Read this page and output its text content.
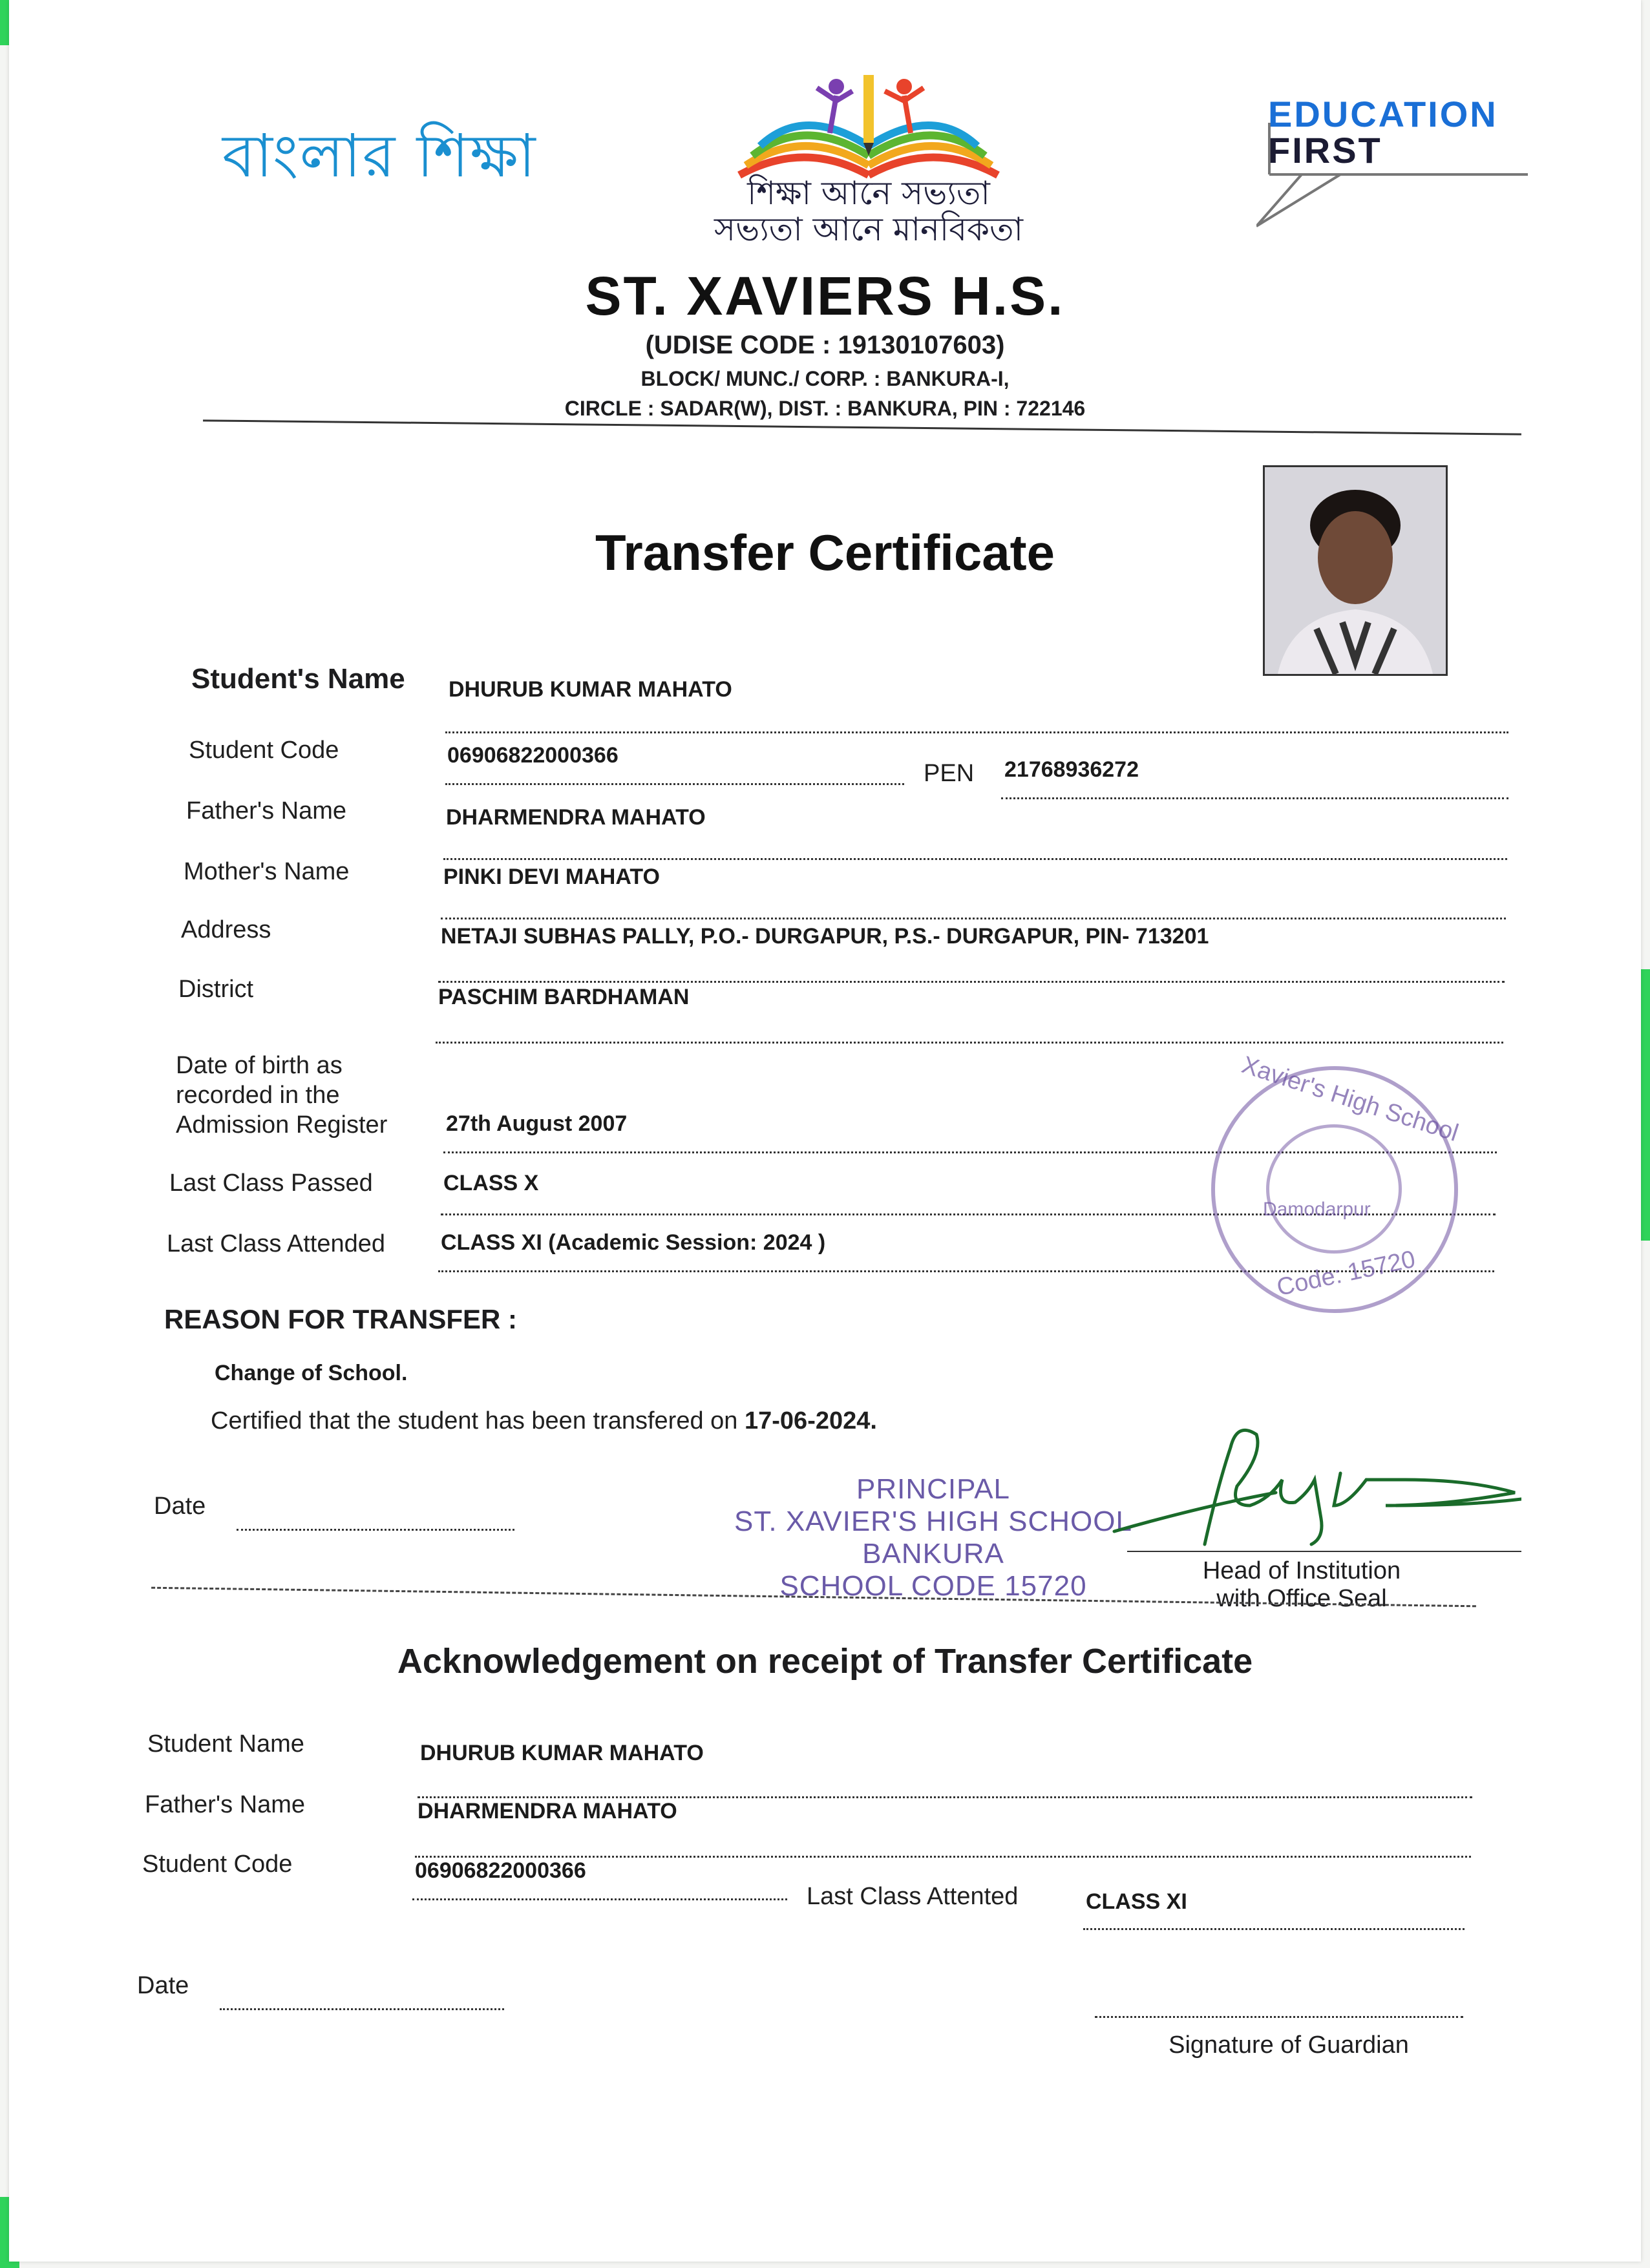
বাংলার শিক্ষা
শিক্ষা আনে সভ্যতা
সভ্যতা আনে মানবিকতা
EDUCATION
FIRST
ST. XAVIERS H.S.
(UDISE CODE : 19130107603)
BLOCK/ MUNC./ CORP. : BANKURA-I,
CIRCLE : SADAR(W), DIST. : BANKURA, PIN : 722146
Transfer Certificate
Student's Name DHURUB KUMAR MAHATO
Student Code	06906822000366
PEN 21768936272
Father's Name	DHARMENDRA MAHATO
Mother's Name	PINKI DEVI MAHATO
Address	NETAJI SUBHAS PALLY, P.O.- DURGAPUR, P.S.- DURGAPUR, PIN- 713201
District	PASCHIM BARDHAMAN
Date of birth as
recorded in the
Admission Register	27th August 2007
Last Class Passed	CLASS X
Last Class Attended	CLASS XI (Academic Session: 2024 )
Xavier's High School
Damodarpur
Code: 15720
REASON FOR TRANSFER :
Change of School.
Certified that the student has been transfered on 17-06-2024.
Date
PRINCIPAL
ST. XAVIER'S HIGH SCHOOL
BANKURA
SCHOOL CODE 15720	Head of Institution
with Office Seal
Acknowledgement on receipt of Transfer Certificate
Student Name	DHURUB KUMAR MAHATO
Father's Name	DHARMENDRA MAHATO
Student Code	06906822000366
Last Class Attented	CLASS XI
Date
Signature of Guardian
